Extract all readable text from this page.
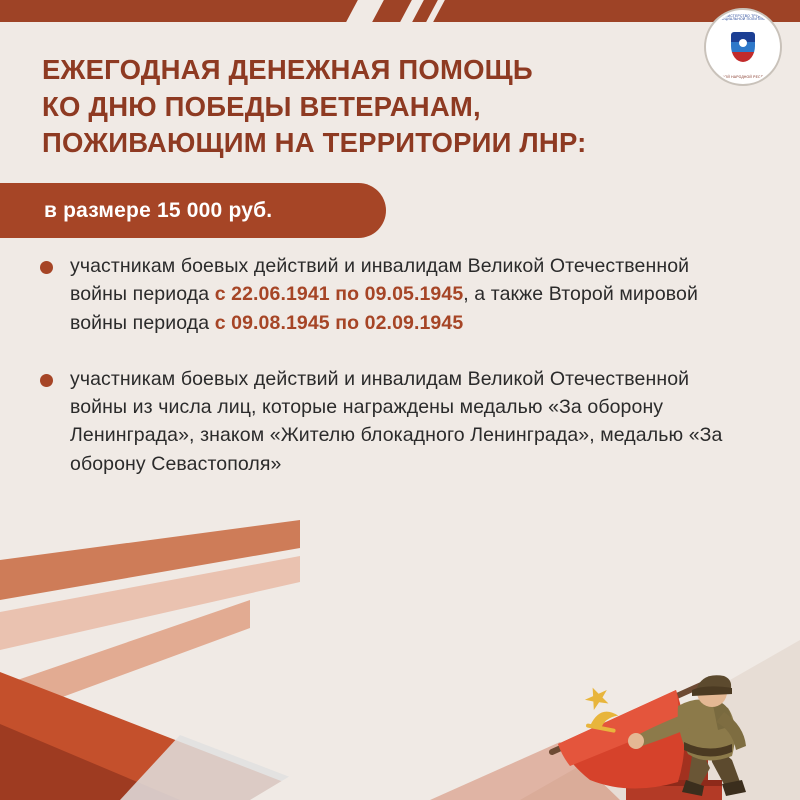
МИНИСТЕРСТВО ТРУДА И СОЦИАЛЬНОЙ ПОЛИТИКИ
ЛУГАНСКОЙ НАРОДНОЙ РЕСПУБЛИКИ
ЕЖЕГОДНАЯ ДЕНЕЖНАЯ ПОМОЩЬ
КО ДНЮ ПОБЕДЫ ВЕТЕРАНАМ,
ПОЖИВАЮЩИМ НА ТЕРРИТОРИИ ЛНР:
в размере 15 000 руб.
участникам боевых действий и инвалидам Великой Отечественной войны периода с 22.06.1941 по 09.05.1945, а также Второй мировой войны периода с 09.08.1945 по 02.09.1945
участникам боевых действий и инвалидам Великой Отечественной войны из числа лиц, которые награждены медалью «За оборону Ленинграда», знаком «Жителю блокадного Ленинграда», медалью «За оборону Севастополя»
